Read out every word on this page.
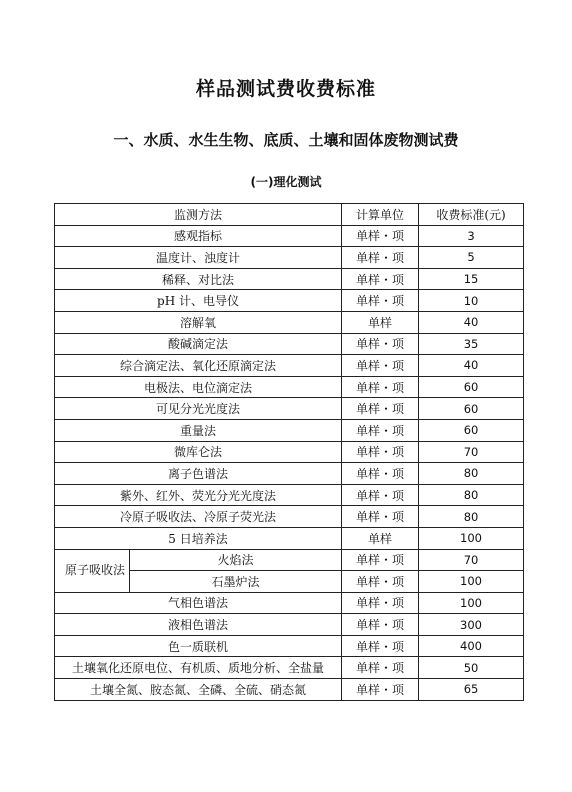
样品测试费收费标准
一、水质、水生生物、底质、土壤和固体废物测试费
(一)理化测试
监测方法		计算单位	收费标准(元)
感观指标		单样・项	3
温度计、浊度计		单样・项	5
稀释、对比法		单样・项	15
pH 计、电导仪		单样・项	10
溶解氧		单样	40
酸碱滴定法		单样・项	35
综合滴定法、氧化还原滴定法		单样・项	40
电极法、电位滴定法		单样・项	60
可见分光光度法		单样・项	60
重量法		单样・项	60
微库仑法		单样・项	70
离子色谱法		单样・项	80
紫外、红外、荧光分光光度法		单样・项	80
冷原子吸收法、冷原子荧光法		单样・项	80
5 日培养法		单样	100
原子吸收法	火焰法	单样・项	70
	石墨炉法	单样・项	100
气相色谱法		单样・项	100
液相色谱法		单样・项	300
色一质联机		单样・项	400
土壤氧化还原电位、有机质、质地分析、全盐量		单样・项	50
土壤全氮、胺态氮、全磷、全硫、硝态氮		单样・项	65
